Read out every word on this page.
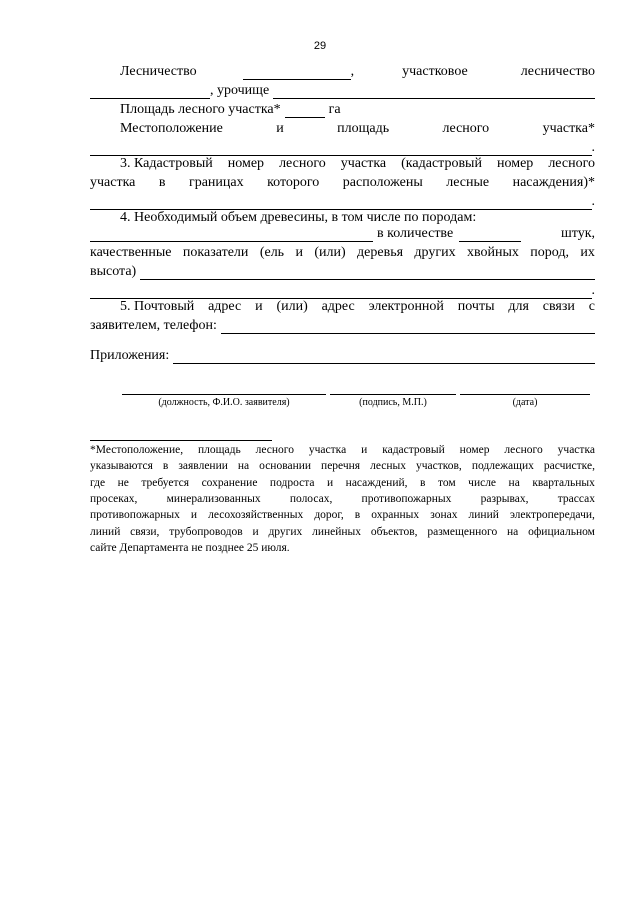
29
Лесничество	,	участковое	лесничество
, урочище
Площадь лесного участка*	га
Местоположение	и	площадь	лесного	участка*
.
3. Кадастровый номер лесного участка (кадастровый номер лесного
участка в границах которого расположены лесные насаждения)*
.
4. Необходимый объем древесины, в том числе по породам:
в количестве	штук,
качественные показатели (ель и (или) деревья других хвойных пород, их
высота)
.
5. Почтовый адрес и (или) адрес электронной почты для связи с
заявителем, телефон:
Приложения:
(должность, Ф.И.О. заявителя)	(подпись, М.П.)	(дата)
*Местоположение, площадь лесного участка и кадастровый номер лесного участка
указываются в заявлении на основании перечня лесных участков, подлежащих расчистке,
где не требуется сохранение подроста и насаждений, в том числе на квартальных
просеках,	минерализованных	полосах,	противопожарных	разрывах,	трассах
противопожарных и лесохозяйственных дорог, в охранных зонах линий электропередачи,
линий связи, трубопроводов и других линейных объектов, размещенного на официальном
сайте Департамента не позднее 25 июля.
